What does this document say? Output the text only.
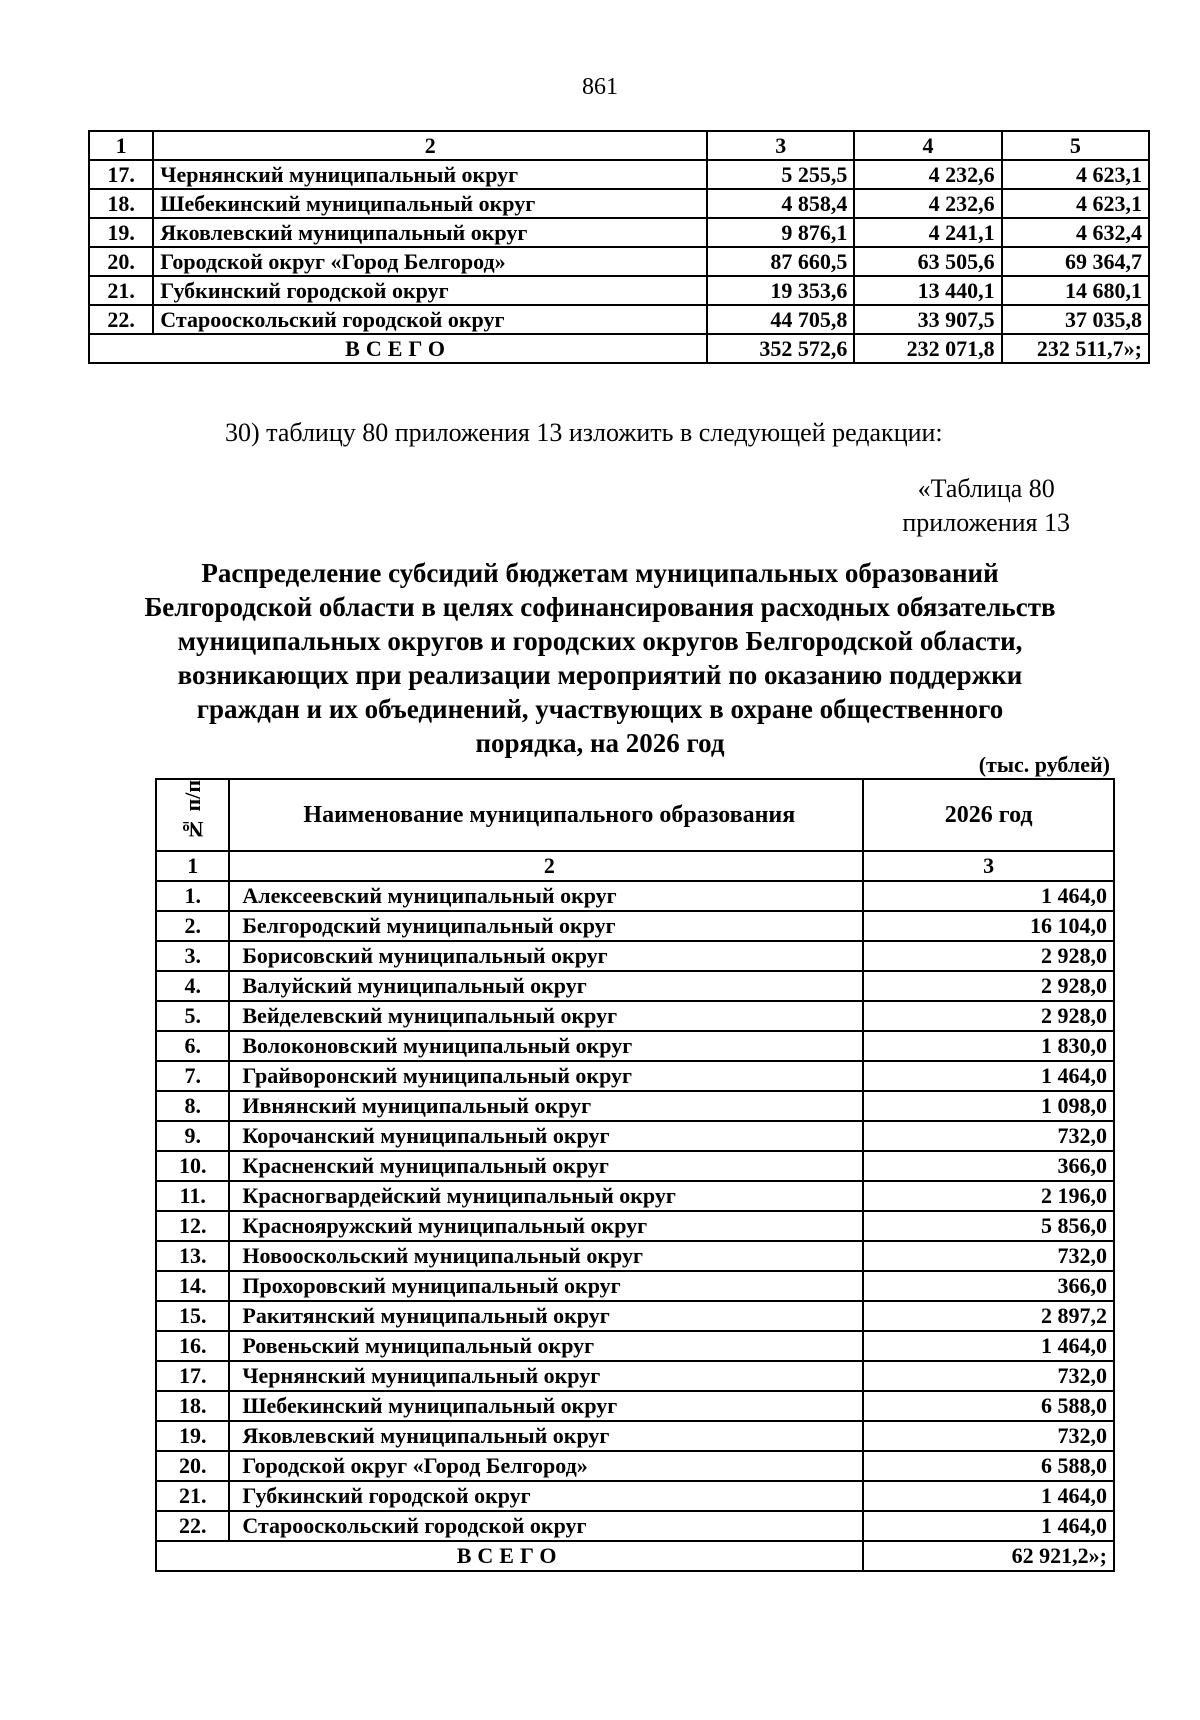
861
1	2	3	4	5
17.	Чернянский муниципальный округ	5 255,5	4 232,6	4 623,1
18.	Шебекинский муниципальный округ	4 858,4	4 232,6	4 623,1
19.	Яковлевский муниципальный округ	9 876,1	4 241,1	4 632,4
20.	Городской округ «Город Белгород»	87 660,5	63 505,6	69 364,7
21.	Губкинский городской округ	19 353,6	13 440,1	14 680,1
22.	Старооскольский городской округ	44 705,8	33 907,5	37 035,8
ВСЕГО		352 572,6	232 071,8	232 511,7»;
30) таблицу 80 приложения 13 изложить в следующей редакции:
«Таблица 80
приложения 13
Распределение субсидий бюджетам муниципальных образований
Белгородской области в целях софинансирования расходных обязательств
муниципальных округов и городских округов Белгородской области,
возникающих при реализации мероприятий по оказанию поддержки
граждан и их объединений, участвующих в охране общественного
порядка, на 2026 год
(тыс. рублей)
№ п/п	Наименование муниципального образования	2026 год
1	2	3
1.	Алексеевский муниципальный округ	1 464,0
2.	Белгородский муниципальный округ	16 104,0
3.	Борисовский муниципальный округ	2 928,0
4.	Валуйский муниципальный округ	2 928,0
5.	Вейделевский муниципальный округ	2 928,0
6.	Волоконовский муниципальный округ	1 830,0
7.	Грайворонский муниципальный округ	1 464,0
8.	Ивнянский муниципальный округ	1 098,0
9.	Корочанский муниципальный округ	732,0
10.	Красненский муниципальный округ	366,0
11.	Красногвардейский муниципальный округ	2 196,0
12.	Краснояружский муниципальный округ	5 856,0
13.	Новооскольский муниципальный округ	732,0
14.	Прохоровский муниципальный округ	366,0
15.	Ракитянский муниципальный округ	2 897,2
16.	Ровеньский муниципальный округ	1 464,0
17.	Чернянский муниципальный округ	732,0
18.	Шебекинский муниципальный округ	6 588,0
19.	Яковлевский муниципальный округ	732,0
20.	Городской округ «Город Белгород»	6 588,0
21.	Губкинский городской округ	1 464,0
22.	Старооскольский городской округ	1 464,0
ВСЕГО		62 921,2»;
